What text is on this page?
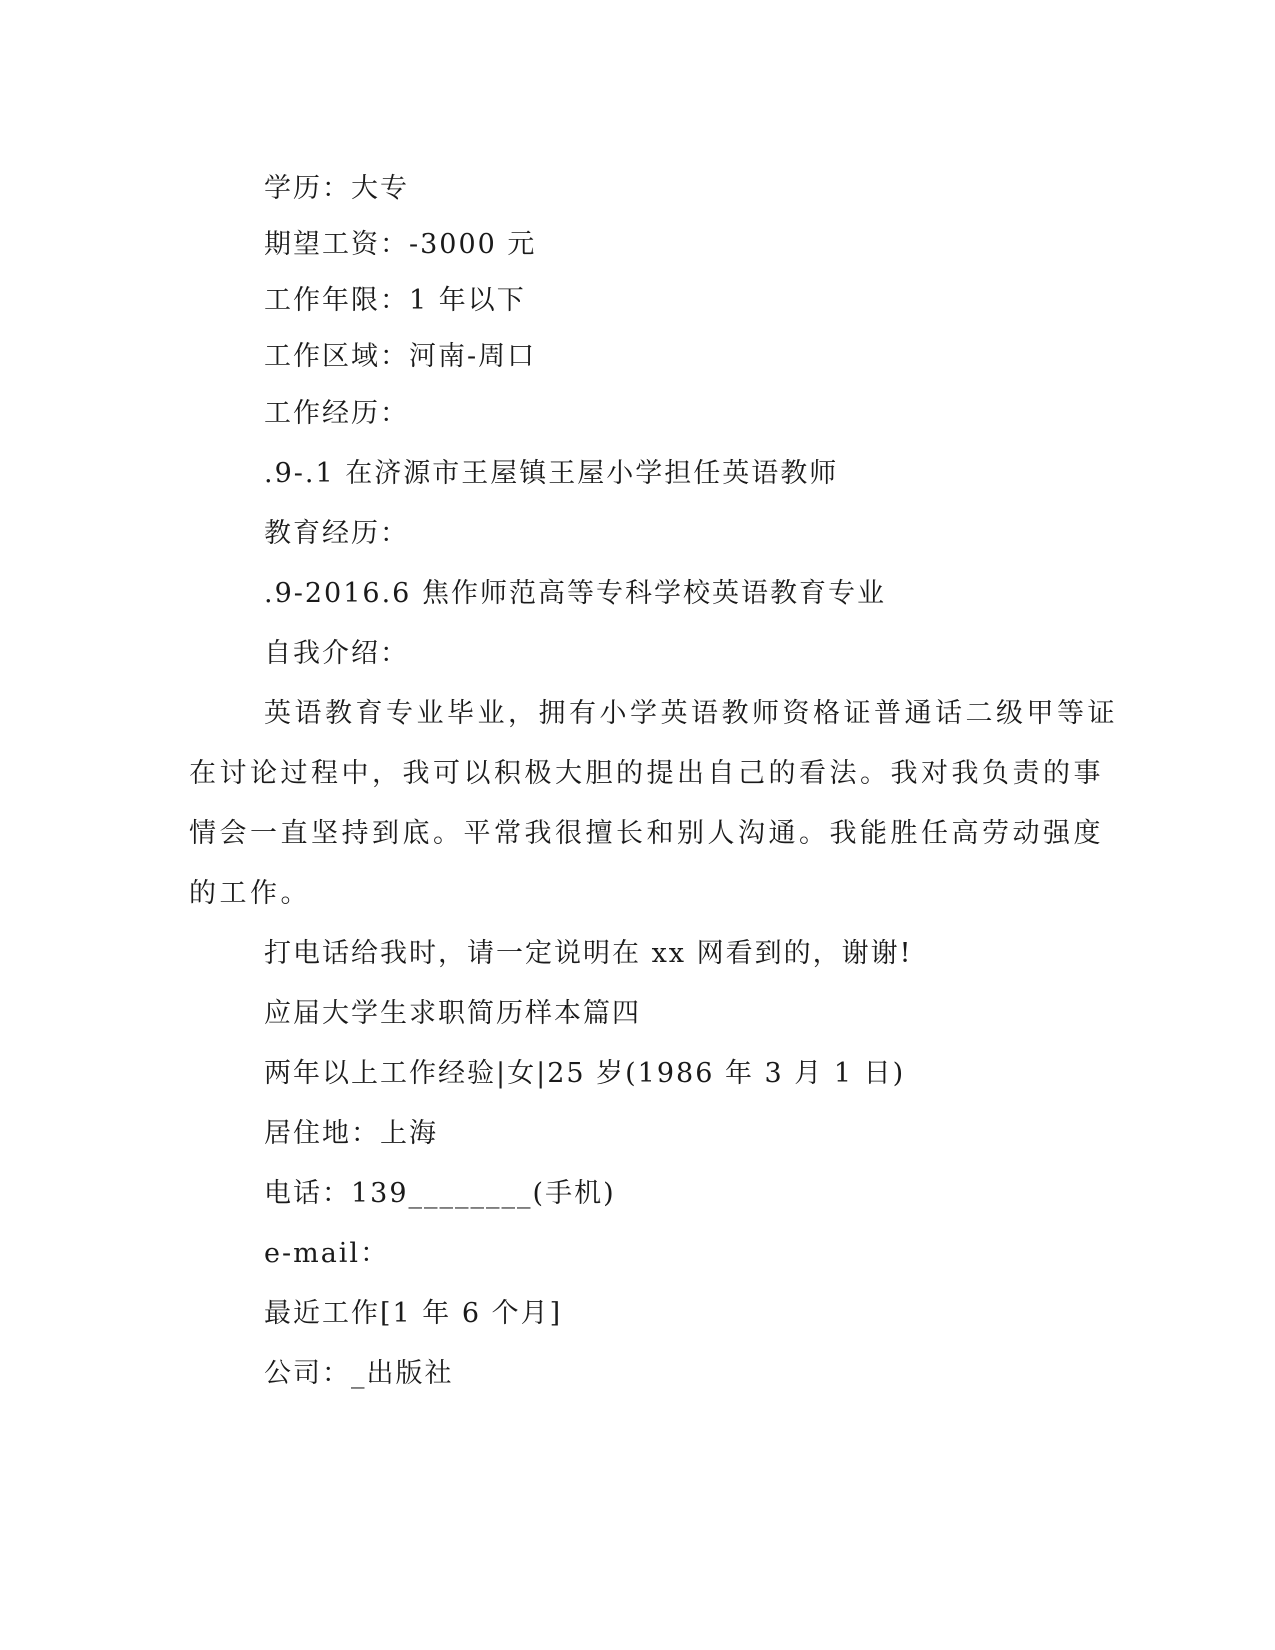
学历：大专
期望工资：-3000 元
工作年限：1 年以下
工作区域：河南-周口
工作经历：
.9-.1 在济源市王屋镇王屋小学担任英语教师
教育经历：
.9-2016.6 焦作师范高等专科学校英语教育专业
自我介绍：
英语教育专业毕业，拥有小学英语教师资格证普通话二级甲等证
在讨论过程中，我可以积极大胆的提出自己的看法。我对我负责的事
情会一直坚持到底。平常我很擅长和别人沟通。我能胜任高劳动强度
的工作。
打电话给我时，请一定说明在 xx 网看到的，谢谢!
应届大学生求职简历样本篇四
两年以上工作经验|女|25 岁(1986 年 3 月 1 日)
居住地：上海
电话：139________(手机)
e-mail：
最近工作[1 年 6 个月]
公司：_出版社
